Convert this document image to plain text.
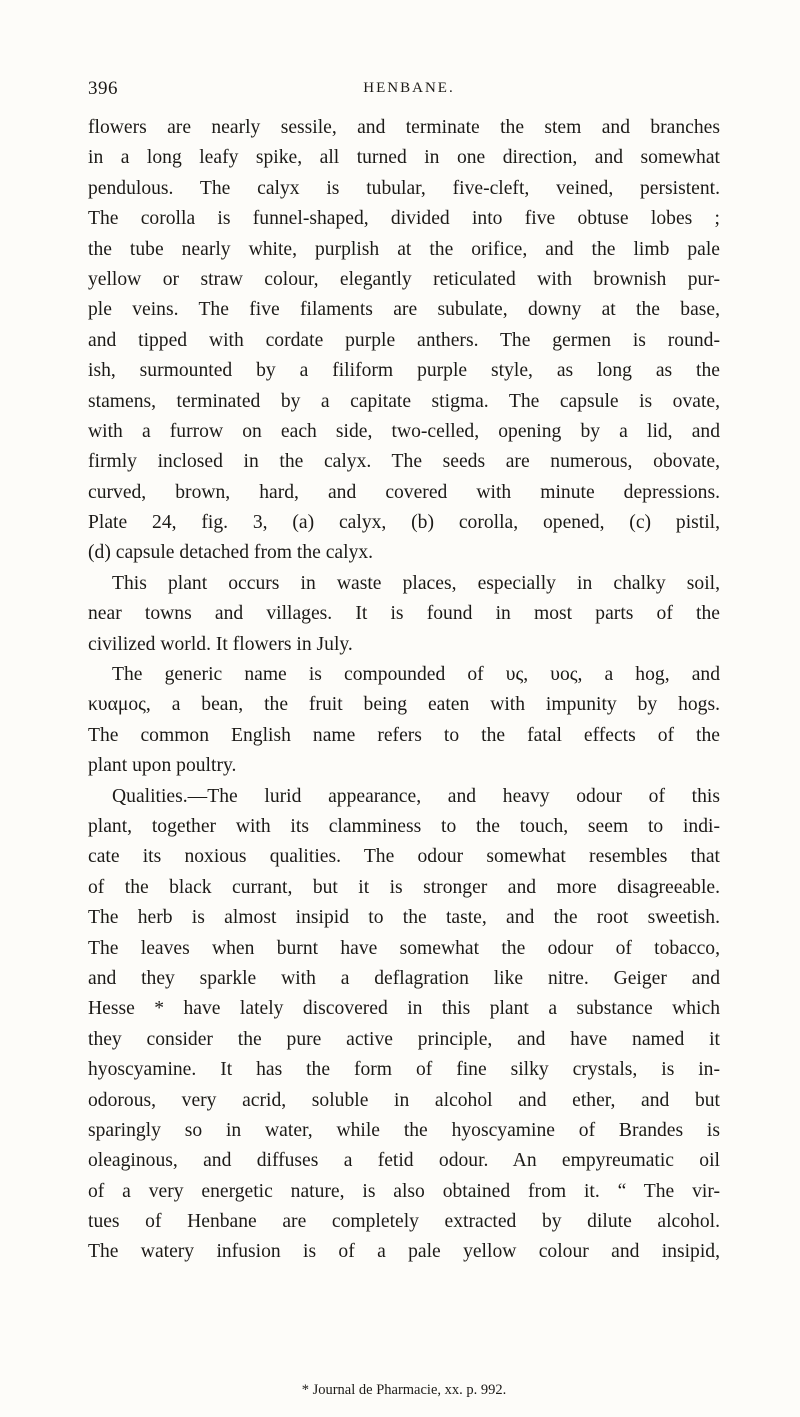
396	HENBANE.
flowers are nearly sessile, and terminate the stem and branches
in a long leafy spike, all turned in one direction, and somewhat
pendulous. The calyx is tubular, five-cleft, veined, persistent.
The corolla is funnel-shaped, divided into five obtuse lobes ;
the tube nearly white, purplish at the orifice, and the limb pale
yellow or straw colour, elegantly reticulated with brownish pur-
ple veins. The five filaments are subulate, downy at the base,
and tipped with cordate purple anthers. The germen is round-
ish, surmounted by a filiform purple style, as long as the
stamens, terminated by a capitate stigma. The capsule is ovate,
with a furrow on each side, two-celled, opening by a lid, and
firmly inclosed in the calyx. The seeds are numerous, obovate,
curved, brown, hard, and covered with minute depressions.
Plate 24, fig. 3, (a) calyx, (b) corolla, opened, (c) pistil,
(d) capsule detached from the calyx.
This plant occurs in waste places, especially in chalky soil,
near towns and villages. It is found in most parts of the
civilized world. It flowers in July.
The generic name is compounded of υς, υος, a hog, and
κυαμος, a bean, the fruit being eaten with impunity by hogs.
The common English name refers to the fatal effects of the
plant upon poultry.
Qualities.—The lurid appearance, and heavy odour of this
plant, together with its clamminess to the touch, seem to indi-
cate its noxious qualities. The odour somewhat resembles that
of the black currant, but it is stronger and more disagreeable.
The herb is almost insipid to the taste, and the root sweetish.
The leaves when burnt have somewhat the odour of tobacco,
and they sparkle with a deflagration like nitre. Geiger and
Hesse * have lately discovered in this plant a substance which
they consider the pure active principle, and have named it
hyoscyamine. It has the form of fine silky crystals, is in-
odorous, very acrid, soluble in alcohol and ether, and but
sparingly so in water, while the hyoscyamine of Brandes is
oleaginous, and diffuses a fetid odour. An empyreumatic oil
of a very energetic nature, is also obtained from it. “ The vir-
tues of Henbane are completely extracted by dilute alcohol.
The watery infusion is of a pale yellow colour and insipid,
* Journal de Pharmacie, xx. p. 992.
